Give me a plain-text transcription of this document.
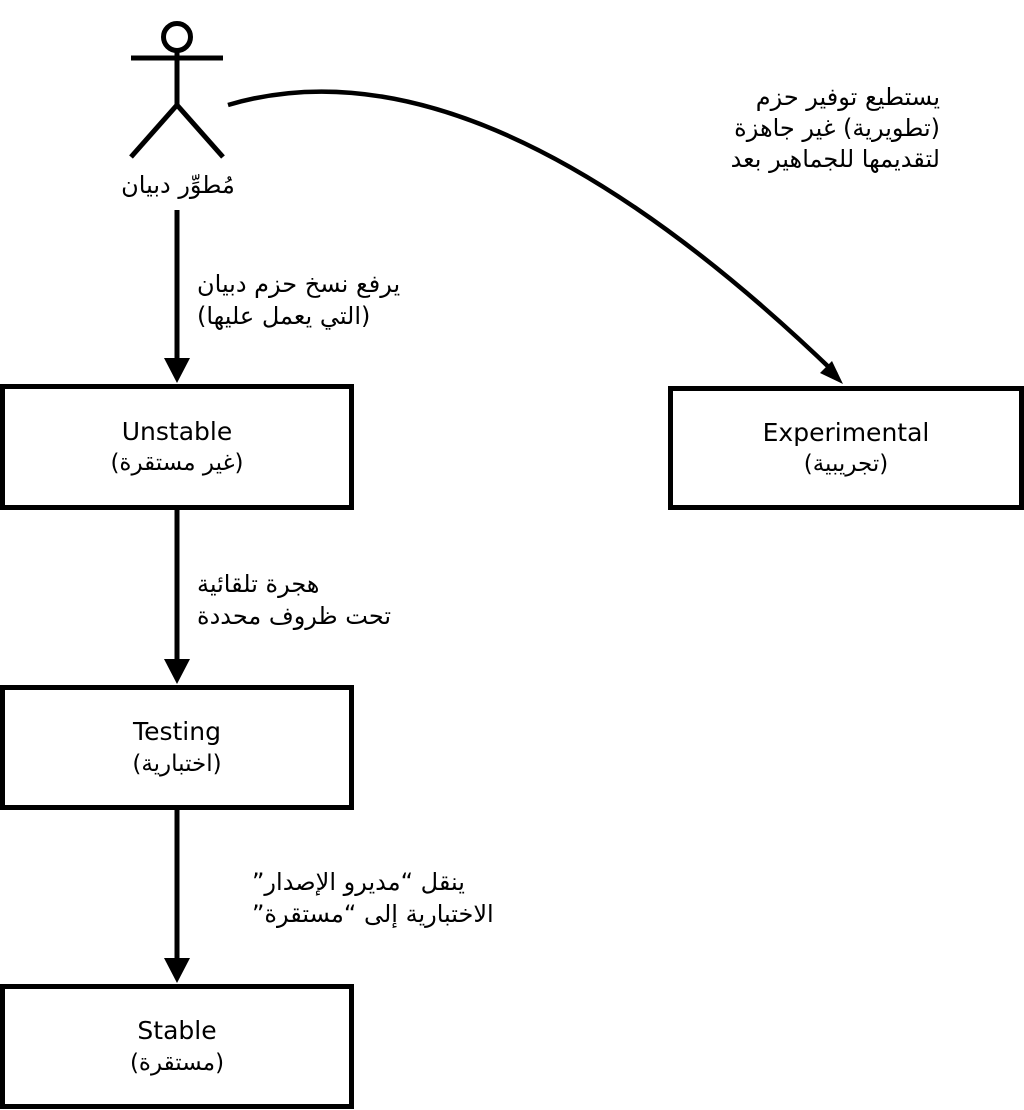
مُطوِّر دبيان
يرفع نسخ حزم دبيان
(التي يعمل عليها)
يستطيع توفير حزم
(تطويرية) غير جاهزة
لتقديمها للجماهير بعد
هجرة تلقائية
تحت ظروف محددة
ينقل “مديرو الإصدار”
الاختبارية إلى “مستقرة”
Unstable
(غير مستقرة)
Experimental
(تجريبية)
Testing
(اختبارية)
Stable
(مستقرة)
